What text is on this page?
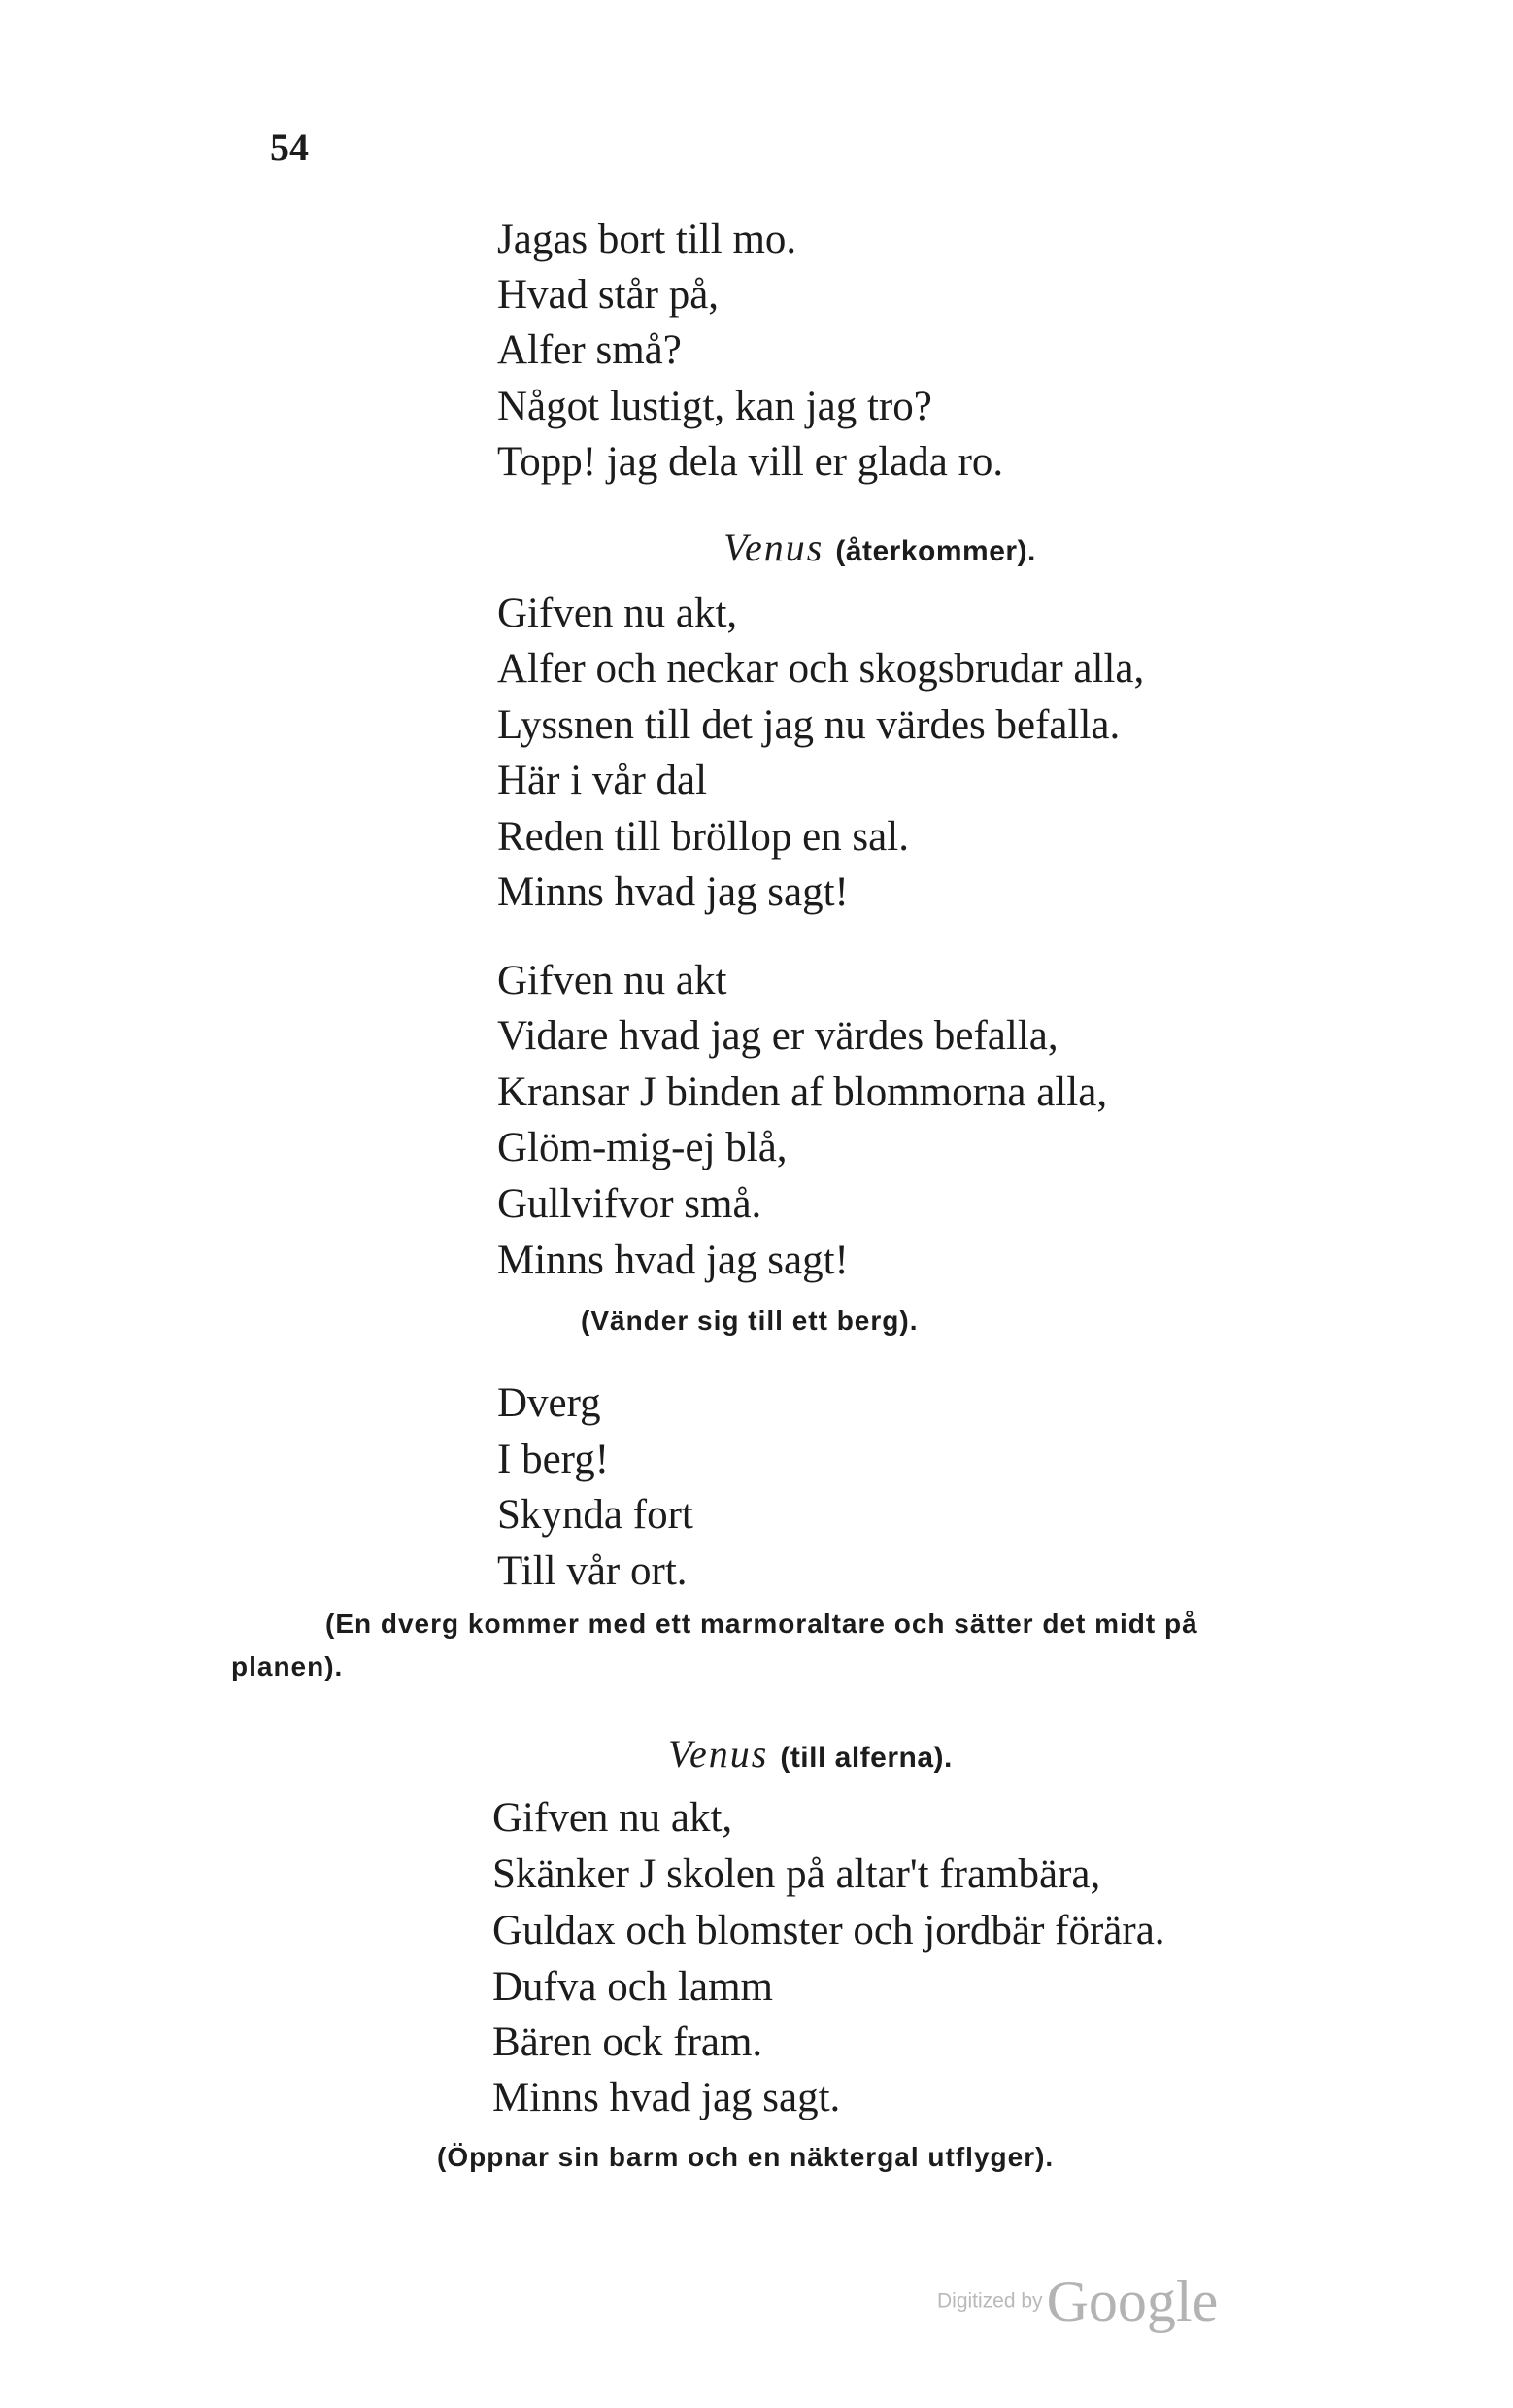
54
Jagas bort till mo.
Hvad står på,
Alfer små?
Något lustigt, kan jag tro?
Topp! jag dela vill er glada ro.
Venus (återkommer).
Gifven nu akt,
Alfer och neckar och skogsbrudar alla,
Lyssnen till det jag nu värdes befalla.
Här i vår dal
Reden till bröllop en sal.
Minns hvad jag sagt!
Gifven nu akt
Vidare hvad jag er värdes befalla,
Kransar J binden af blommorna alla,
Glöm-mig-ej blå,
Gullvifvor små.
Minns hvad jag sagt!
(Vänder sig till ett berg).
Dverg
I berg!
Skynda fort
Till vår ort.
(En dverg kommer med ett marmoraltare och sätter det midt på
planen).
Venus (till alferna).
Gifven nu akt,
Skänker J skolen på altar't frambära,
Guldax och blomster och jordbär förära.
Dufva och lamm
Bären ock fram.
Minns hvad jag sagt.
(Öppnar sin barm och en näktergal utflyger).
Digitized by Google
